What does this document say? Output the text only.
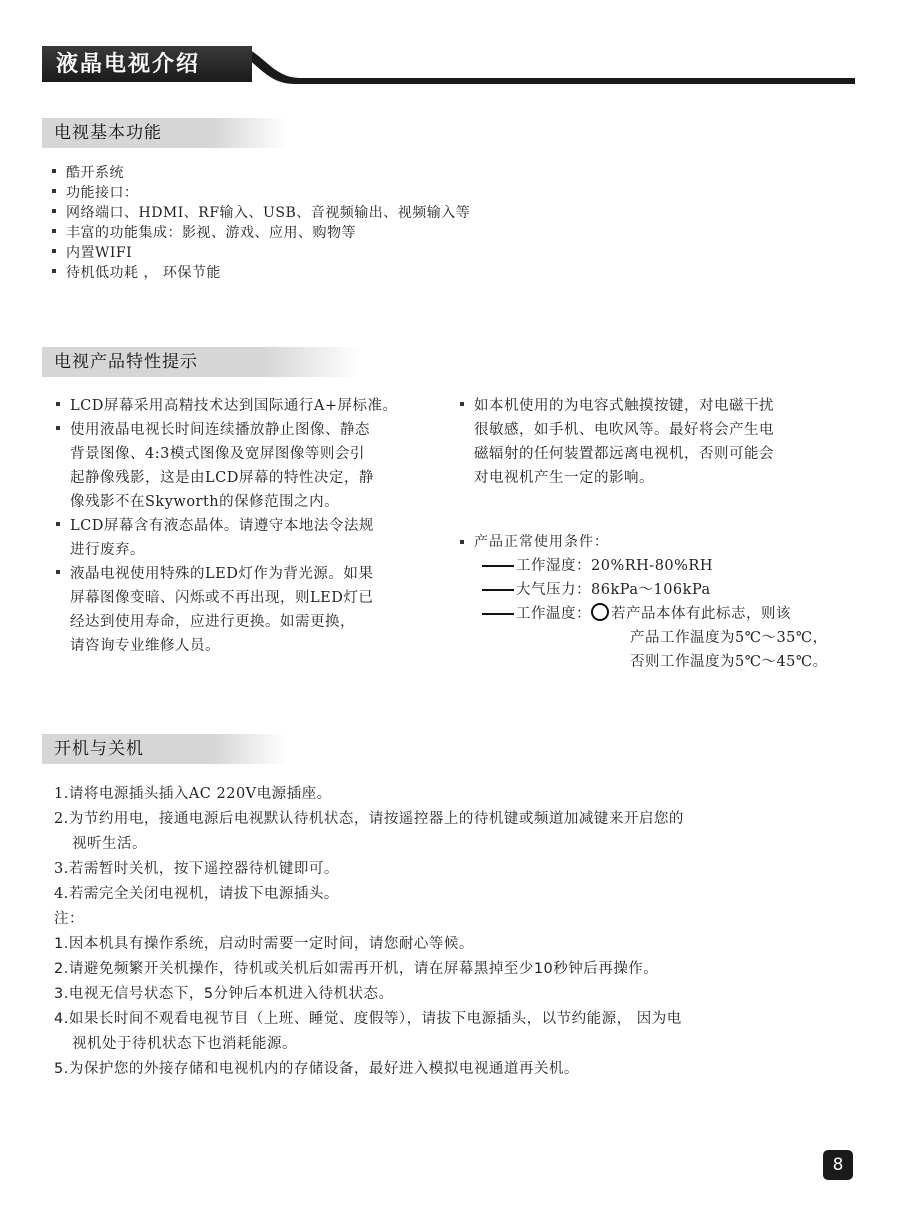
液晶电视介绍
电视基本功能
酷开系统
功能接口：
网络端口、HDMI、RF输入、USB、音视频输出、视频输入等
丰富的功能集成：影视、游戏、应用、购物等
内置WIFI
待机低功耗 ， 环保节能
电视产品特性提示
LCD屏幕采用高精技术达到国际通行A+屏标准。
使用液晶电视长时间连续播放静止图像、静态
背景图像、4:3模式图像及宽屏图像等则会引
起静像残影，这是由LCD屏幕的特性决定，静
像残影不在Skyworth的保修范围之内。
LCD屏幕含有液态晶体。请遵守本地法令法规
进行废弃。
液晶电视使用特殊的LED灯作为背光源。如果
屏幕图像变暗、闪烁或不再出现，则LED灯已
经达到使用寿命，应进行更换。如需更换，
请咨询专业维修人员。
如本机使用的为电容式触摸按键，对电磁干扰
很敏感，如手机、电吹风等。最好将会产生电
磁辐射的任何装置都远离电视机，否则可能会
对电视机产生一定的影响。
产品正常使用条件：
工作湿度：20%RH-80%RH
大气压力：86kPa～106kPa
工作温度： 若产品本体有此标志，则该
产品工作温度为5℃～35℃，
否则工作温度为5℃～45℃。
开机与关机
1.请将电源插头插入AC 220V电源插座。
2.为节约用电，接通电源后电视默认待机状态，请按遥控器上的待机键或频道加减键来开启您的
视听生活。
3.若需暂时关机，按下遥控器待机键即可。
4.若需完全关闭电视机，请拔下电源插头。
注：
1.因本机具有操作系统，启动时需要一定时间，请您耐心等候。
2.请避免频繁开关机操作，待机或关机后如需再开机，请在屏幕黑掉至少10秒钟后再操作。
3.电视无信号状态下，5分钟后本机进入待机状态。
4.如果长时间不观看电视节目（上班、睡觉、度假等），请拔下电源插头，以节约能源， 因为电
视机处于待机状态下也消耗能源。
5.为保护您的外接存储和电视机内的存储设备，最好进入模拟电视通道再关机。
8
